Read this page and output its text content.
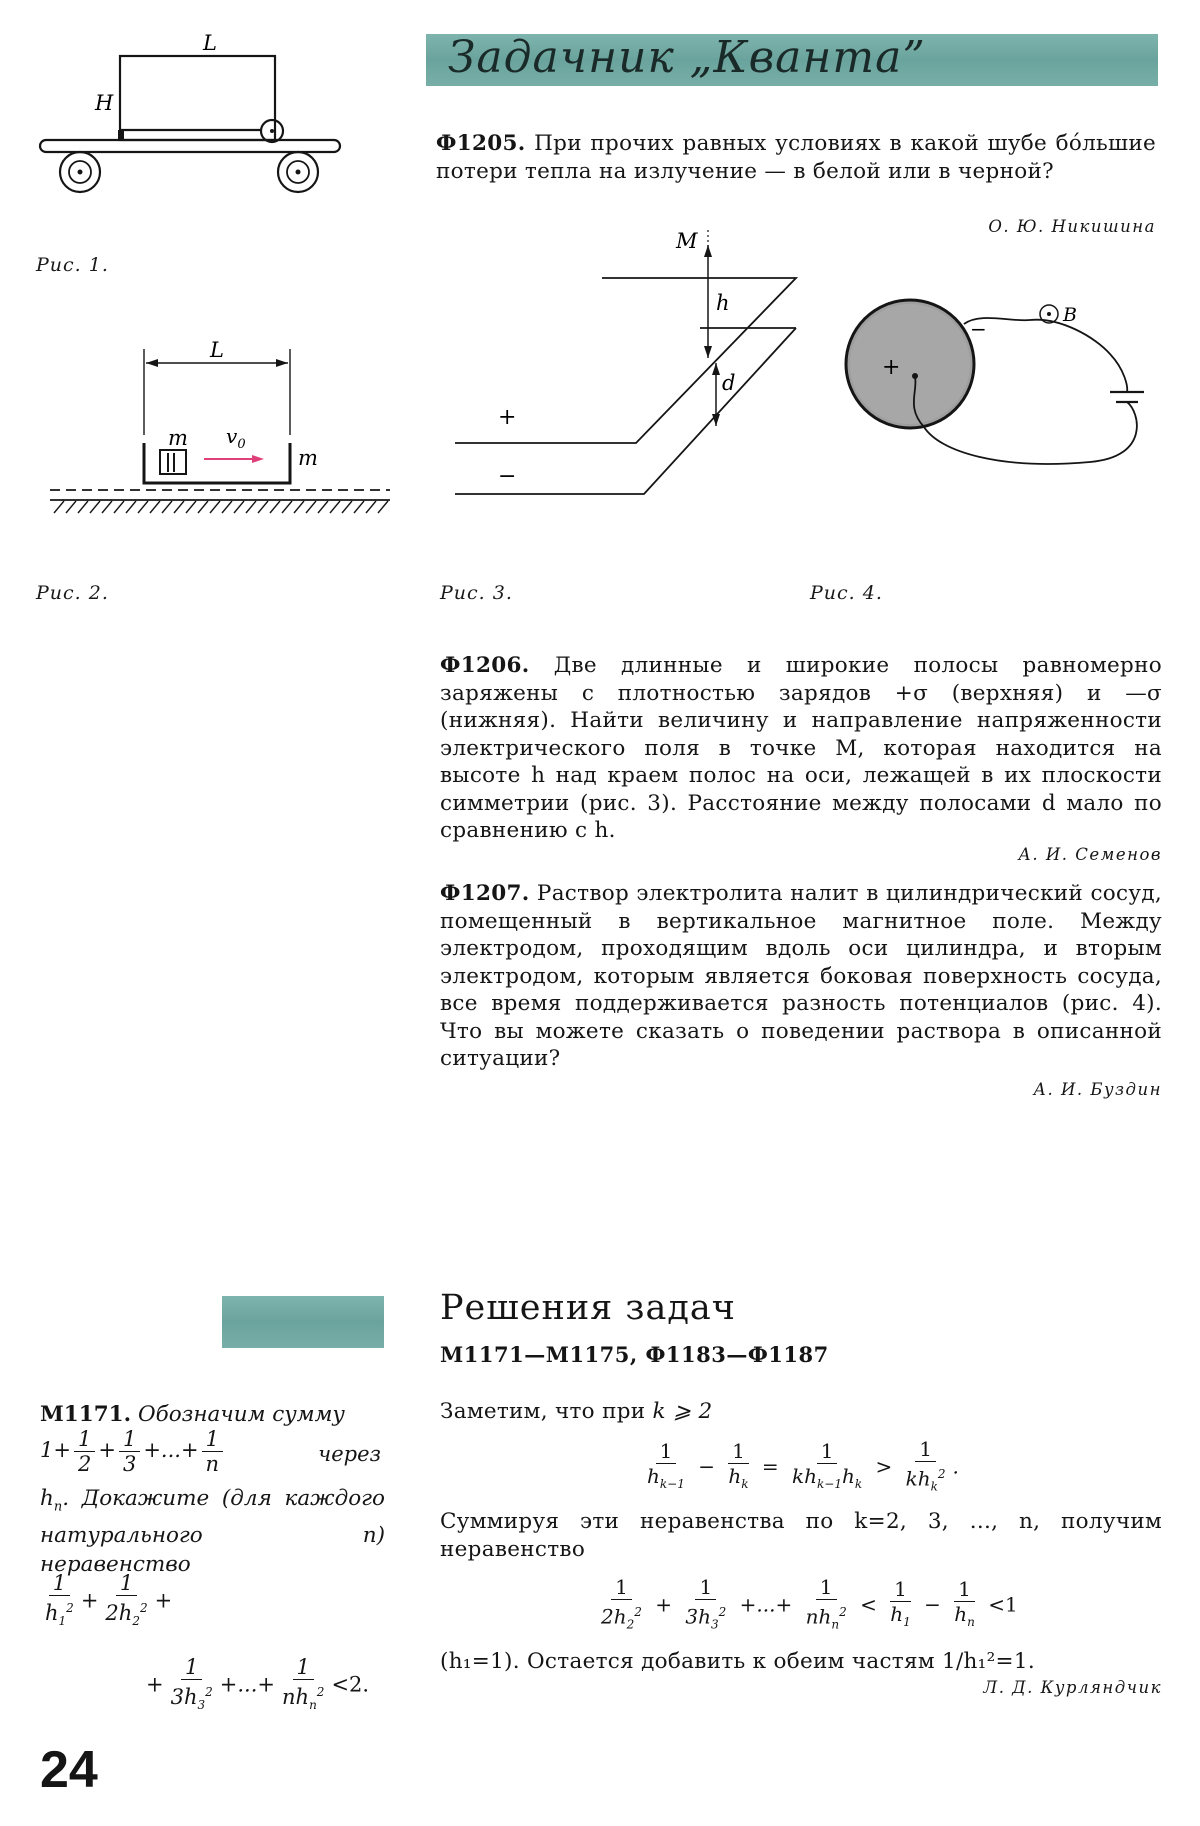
L
H
Рис. 1.
L
m $v_0$
m
Рис. 2.
Задачник „Кванта”
Ф1205. При прочих равных условиях в какой шубе бо́льшие потери тепла на излучение — в белой или в черной?
О. Ю. Никишина
M
h
d
+
−
Рис. 3.
B
−
+
Рис. 4.
Ф1206. Две длинные и широкие полосы равномерно заряжены с плотностью зарядов +σ (верхняя) и —σ (нижняя). Найти величину и направление напряженности электрического поля в точке M, которая находится на высоте h над краем полос на оси, лежащей в их плоскости симметрии (рис. 3). Расстояние между полосами d мало по сравнению с h.
А. И. Семенов
Ф1207. Раствор электролита налит в цилиндрический сосуд, помещенный в вертикальное магнитное поле. Между электродом, проходящим вдоль оси цилиндра, и вторым электродом, которым является боковая поверхность сосуда, все время поддерживается разность потенциалов (рис. 4). Что вы можете сказать о поведении раствора в описанной ситуации?
А. И. Буздин
Решения задач
М1171—М1175, Ф1183—Ф1187
М1171. Обозначим сумму
$1+ \frac{1}{2} + \frac{1}{3}$ +...+ $\frac{1}{n}$	через
$h_n$. Докажите (для каждого натурального n) неравенство
$\frac{1}{h_1^2} + \frac{1}{2h_2^2}$ +
+ $\frac{1}{3h_3^2}$ +...+ $\frac{1}{nh_n^2} <2$.
Заметим, что при k ⩾ 2
$\frac{1}{h_{k-1}} - \frac{1}{h_k} = \frac{1}{kh_{k-1}h_k} > \frac{1}{kh_k^2}$ .
Суммируя эти неравенства по k=2, 3, ..., n, получим неравенство
$\frac{1}{2h_2^2} + \frac{1}{3h_3^2}$ +...+ $\frac{1}{nh_n^2} < \frac{1}{h_1} - \frac{1}{h_n} <1$
(h₁=1). Остается добавить к обеим частям 1/h₁²=1.
Л. Д. Курляндчик
24
